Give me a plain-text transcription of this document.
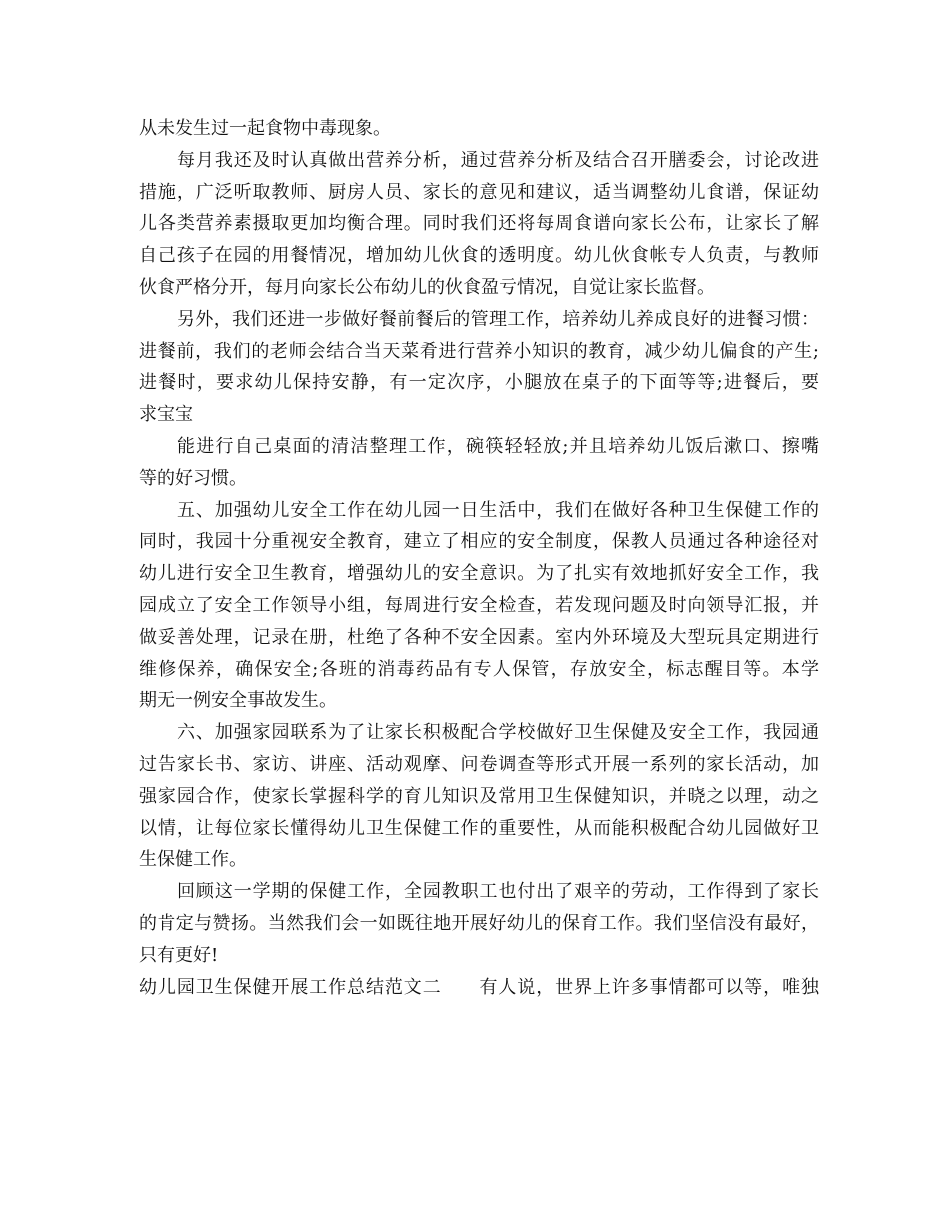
从未发生过一起食物中毒现象。
每月我还及时认真做出营养分析，通过营养分析及结合召开膳委会，讨论改进
措施，广泛听取教师、厨房人员、家长的意见和建议，适当调整幼儿食谱，保证幼
儿各类营养素摄取更加均衡合理。同时我们还将每周食谱向家长公布，让家长了解
自己孩子在园的用餐情况，增加幼儿伙食的透明度。幼儿伙食帐专人负责，与教师
伙食严格分开，每月向家长公布幼儿的伙食盈亏情况，自觉让家长监督。
另外，我们还进一步做好餐前餐后的管理工作，培养幼儿养成良好的进餐习惯：
进餐前，我们的老师会结合当天菜肴进行营养小知识的教育，减少幼儿偏食的产生;
进餐时，要求幼儿保持安静，有一定次序，小腿放在桌子的下面等等;进餐后，要
求宝宝
能进行自己桌面的清洁整理工作，碗筷轻轻放;并且培养幼儿饭后漱口、擦嘴
等的好习惯。
五、加强幼儿安全工作在幼儿园一日生活中，我们在做好各种卫生保健工作的
同时，我园十分重视安全教育，建立了相应的安全制度，保教人员通过各种途径对
幼儿进行安全卫生教育，增强幼儿的安全意识。为了扎实有效地抓好安全工作，我
园成立了安全工作领导小组，每周进行安全检查，若发现问题及时向领导汇报，并
做妥善处理，记录在册，杜绝了各种不安全因素。室内外环境及大型玩具定期进行
维修保养，确保安全;各班的消毒药品有专人保管，存放安全，标志醒目等。本学
期无一例安全事故发生。
六、加强家园联系为了让家长积极配合学校做好卫生保健及安全工作，我园通
过告家长书、家访、讲座、活动观摩、问卷调查等形式开展一系列的家长活动，加
强家园合作，使家长掌握科学的育儿知识及常用卫生保健知识，并晓之以理，动之
以情，让每位家长懂得幼儿卫生保健工作的重要性，从而能积极配合幼儿园做好卫
生保健工作。
回顾这一学期的保健工作，全园教职工也付出了艰辛的劳动，工作得到了家长
的肯定与赞扬。当然我们会一如既往地开展好幼儿的保育工作。我们坚信没有最好，
只有更好!
幼儿园卫生保健开展工作总结范文二　　有人说，世界上许多事情都可以等，唯独
